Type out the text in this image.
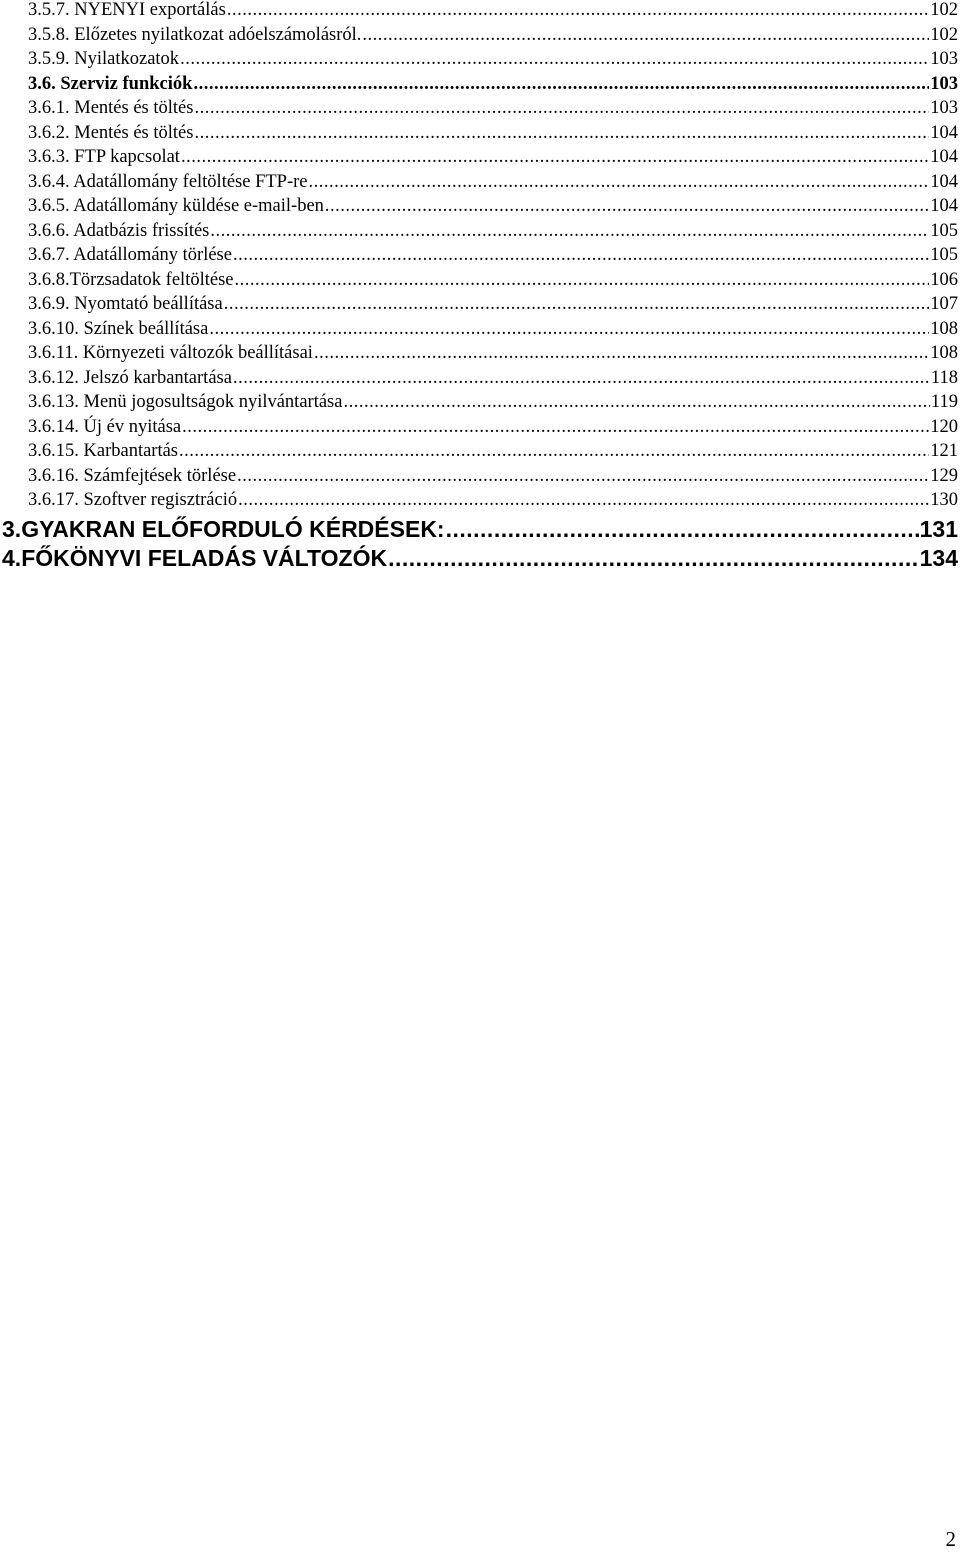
3.5.7. NYENYI exportálás .....	102
3.5.8. Előzetes nyilatkozat adóelszámolásról. .....	102
3.5.9. Nyilatkozatok .....	103
3.6. Szerviz funkciók .....	103
3.6.1. Mentés és töltés .....	103
3.6.2. Mentés és töltés .....	104
3.6.3. FTP kapcsolat .....	104
3.6.4. Adatállomány feltöltése FTP-re .....	104
3.6.5. Adatállomány küldése e-mail-ben .....	104
3.6.6. Adatbázis frissítés .....	105
3.6.7. Adatállomány törlése .....	105
3.6.8.Törzsadatok feltöltése .....	106
3.6.9. Nyomtató beállítása .....	107
3.6.10. Színek beállítása .....	108
3.6.11. Környezeti változók beállításai .....	108
3.6.12. Jelszó karbantartása .....	118
3.6.13. Menü jogosultságok nyilvántartása .....	119
3.6.14. Új év nyitása .....	120
3.6.15. Karbantartás .....	121
3.6.16. Számfejtések törlése .....	129
3.6.17. Szoftver regisztráció .....	130
3. GYAKRAN ELŐFORDULÓ KÉRDÉSEK: .....	131
4. FŐKÖNYVI FELADÁS VÁLTOZÓK .....	134
2
